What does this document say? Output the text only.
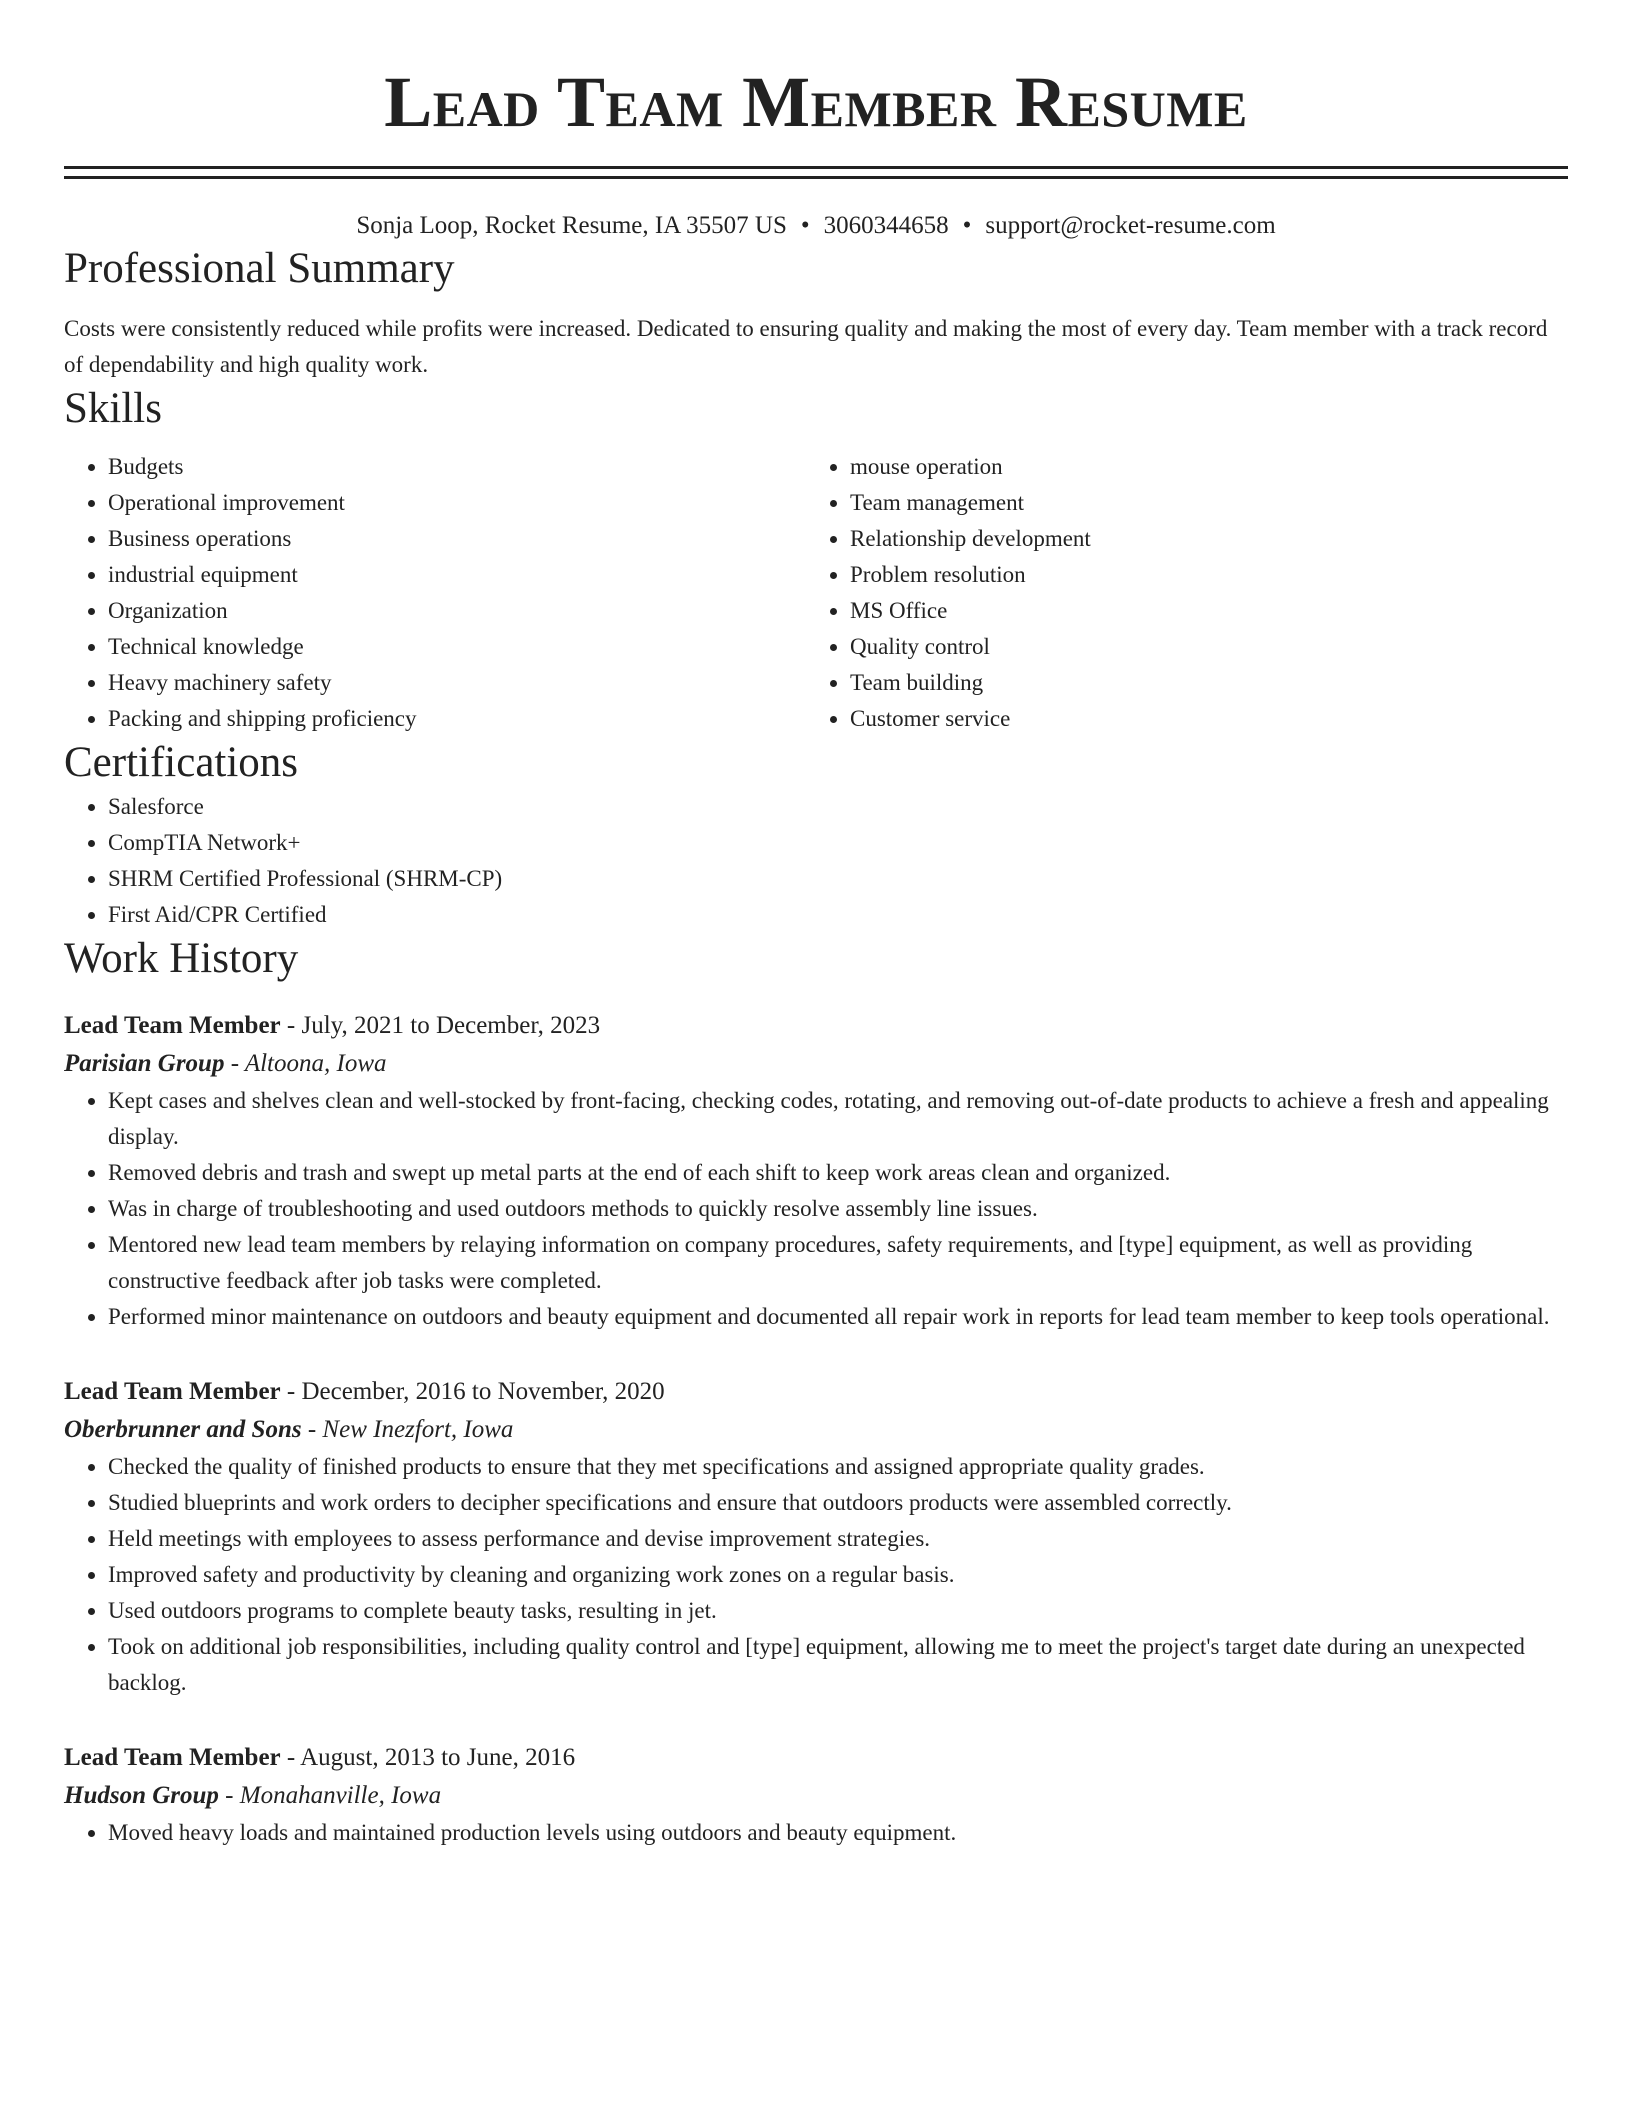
Lead Team Member Resume
Sonja Loop, Rocket Resume, IA 35507 US • 3060344658 • support@rocket-resume.com
Professional Summary
Costs were consistently reduced while profits were increased. Dedicated to ensuring quality and making the most of every day. Team member with a track record of dependability and high quality work.
Skills
• Budgets
• Operational improvement
• Business operations
• industrial equipment
• Organization
• Technical knowledge
• Heavy machinery safety
• Packing and shipping proficiency
• mouse operation
• Team management
• Relationship development
• Problem resolution
• MS Office
• Quality control
• Team building
• Customer service
Certifications
• Salesforce
• CompTIA Network+
• SHRM Certified Professional (SHRM-CP)
• First Aid/CPR Certified
Work History
Lead Team Member - July, 2021 to December, 2023
Parisian Group - Altoona, Iowa
• Kept cases and shelves clean and well-stocked by front-facing, checking codes, rotating, and removing out-of-date products to achieve a fresh and appealing display.
• Removed debris and trash and swept up metal parts at the end of each shift to keep work areas clean and organized.
• Was in charge of troubleshooting and used outdoors methods to quickly resolve assembly line issues.
• Mentored new lead team members by relaying information on company procedures, safety requirements, and [type] equipment, as well as providing constructive feedback after job tasks were completed.
• Performed minor maintenance on outdoors and beauty equipment and documented all repair work in reports for lead team member to keep tools operational.
Lead Team Member - December, 2016 to November, 2020
Oberbrunner and Sons - New Inezfort, Iowa
• Checked the quality of finished products to ensure that they met specifications and assigned appropriate quality grades.
• Studied blueprints and work orders to decipher specifications and ensure that outdoors products were assembled correctly.
• Held meetings with employees to assess performance and devise improvement strategies.
• Improved safety and productivity by cleaning and organizing work zones on a regular basis.
• Used outdoors programs to complete beauty tasks, resulting in jet.
• Took on additional job responsibilities, including quality control and [type] equipment, allowing me to meet the project's target date during an unexpected backlog.
Lead Team Member - August, 2013 to June, 2016
Hudson Group - Monahanville, Iowa
• Moved heavy loads and maintained production levels using outdoors and beauty equipment.
